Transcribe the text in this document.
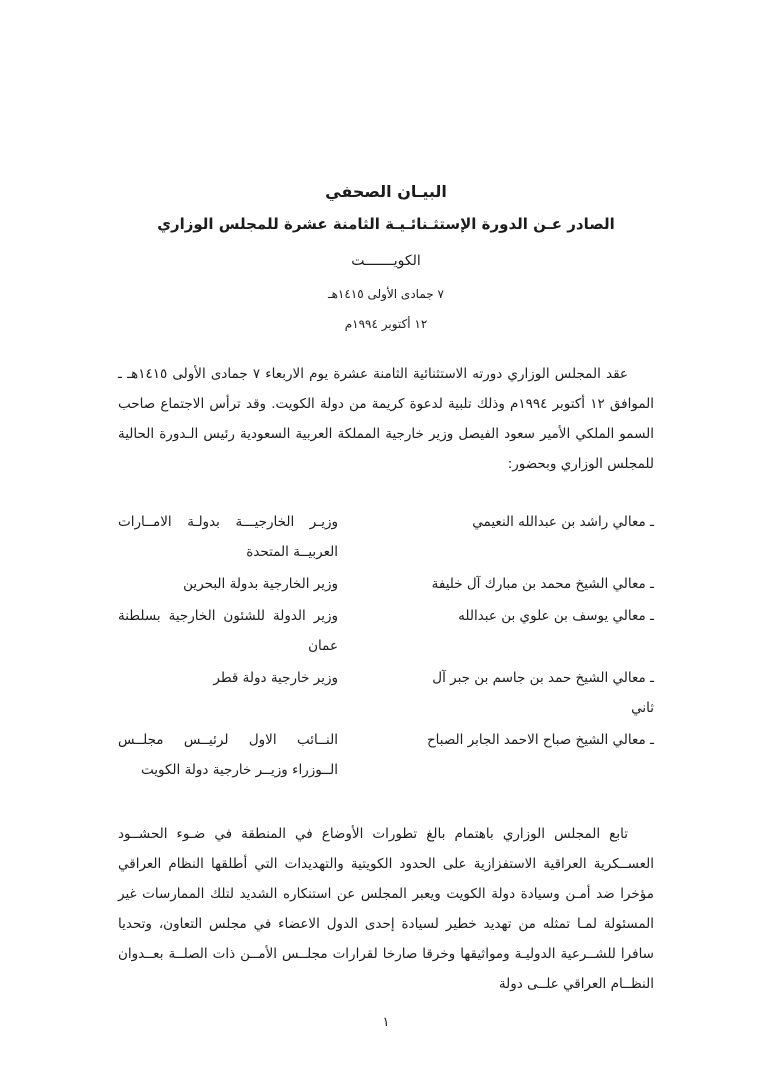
البيـان الصحفي
الصادر عـن الدورة الإستثـنائـيـة الثامنة عشرة للمجلس الوزاري
الكويـــــــت
٧ جمادى الأولى ١٤١٥هـ
١٢ أكتوبر ١٩٩٤م

عقد المجلس الوزاري دورته الاستثنائية الثامنة عشرة يوم الاربعاء ٧ جمادى الأولى ١٤١٥هـ ـ الموافق ١٢ أكتوبر ١٩٩٤م وذلك تلبية لدعوة كريمة من دولة الكويت. وقد ترأس الاجتماع صاحب السمو الملكي الأمير سعود الفيصل وزير خارجية المملكة العربية السعودية رئيس الـدورة الحالية للمجلس الوزاري وبحضور:

ـ معالي راشد بن عبدالله النعيمي
وزيـر الخارجيـــة بدولـة الامــارات العربيــة المتحدة
ـ معالي الشيخ محمد بن مبارك آل خليفة
وزير الخارجية بدولة البحرين
ـ معالي يوسف بن علوي بن عبدالله
وزير الدولة للشئون الخارجية بسلطنة عمان
ـ معالي الشيخ حمد بن جاسم بن جبر آل ثاني
وزير خارجية دولة قطر
ـ معالي الشيخ صباح الاحمد الجابر الصباح
النــائب الاول لرئيــس مجلــس الــوزراء وزيــر خارجية دولة الكويت

تابع المجلس الوزاري باهتمام بالغ تطورات الأوضاع في المنطقة في ضـوء الحشــود العســكرية العراقية الاستفزازية على الحدود الكويتية والتهديدات التي أطلقها النظام العراقي مؤخرا ضد أمـن وسيادة دولة الكويت ويعبر المجلس عن استنكاره الشديد لتلك الممارسات غير المسئولة لمـا تمثله من تهديد خطير لسيادة إحدى الدول الاعضاء في مجلس التعاون، وتحديا سافرا للشــرعية الدوليـة ومواثيقها وخرقا صارخا لقرارات مجلــس الأمــن ذات الصلــة بعــدوان النظــام العراقي علــى دولة

١
